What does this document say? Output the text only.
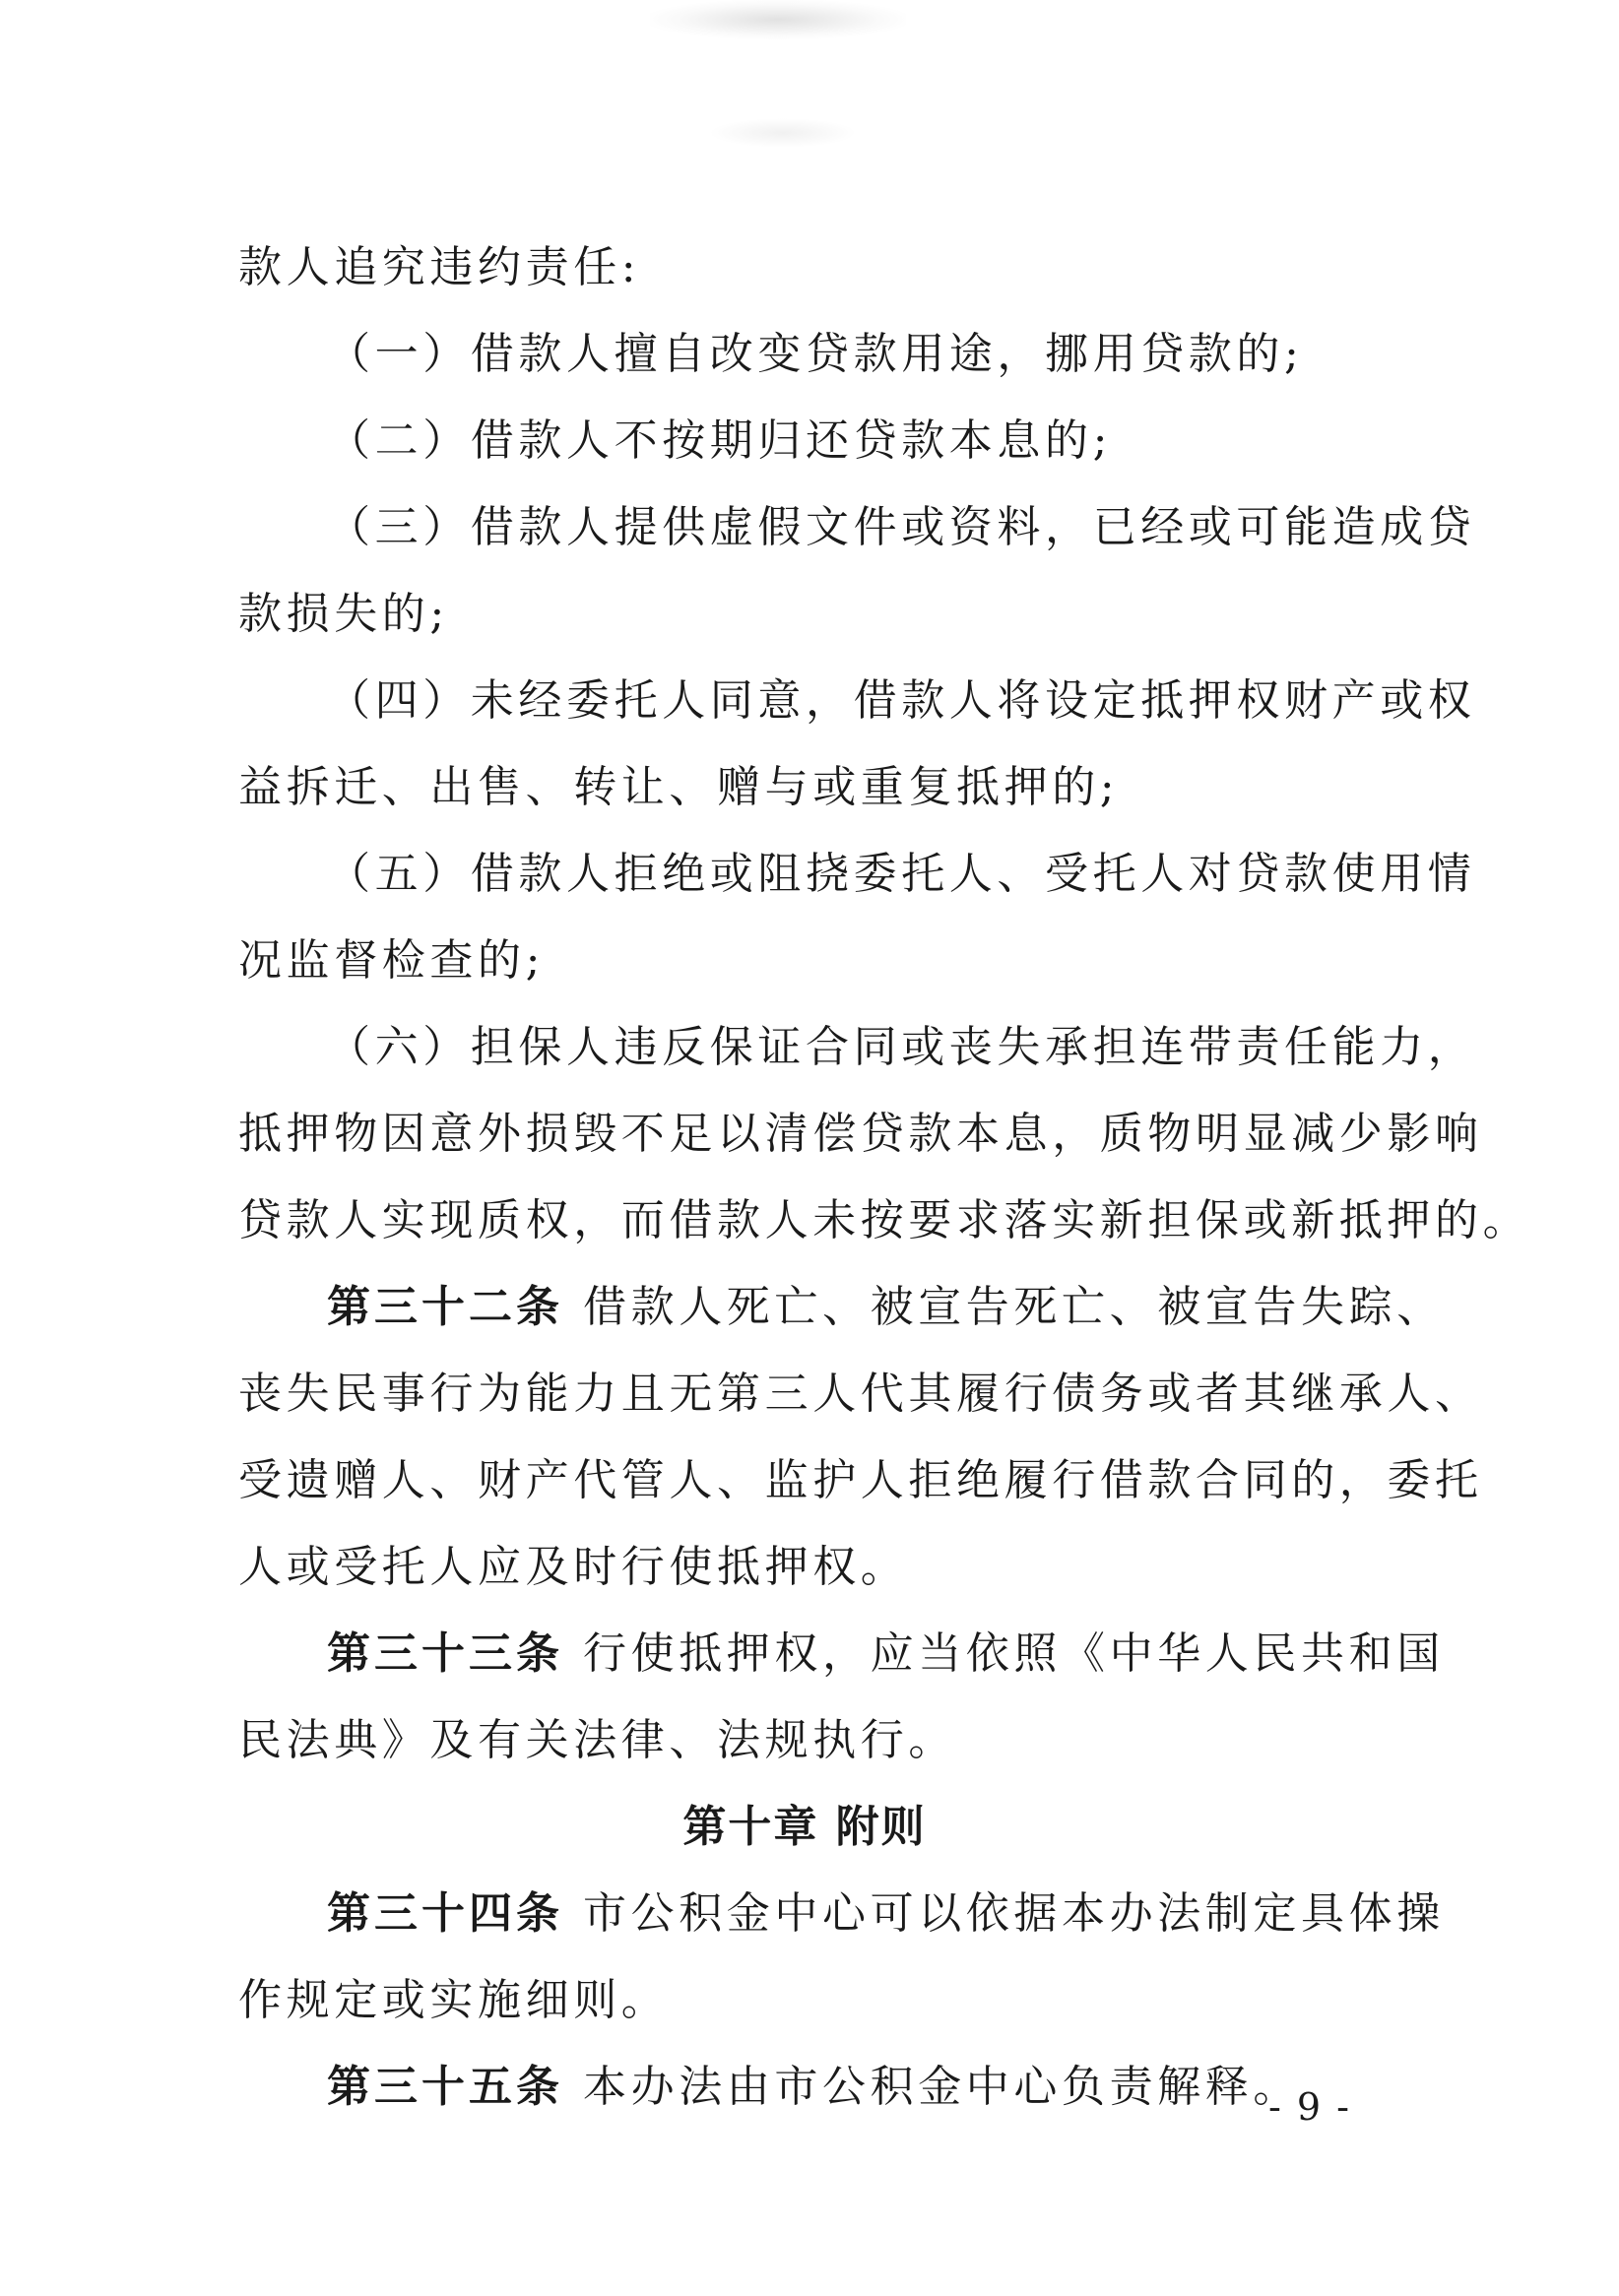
款人追究违约责任:
（一）借款人擅自改变贷款用途，挪用贷款的;
（二）借款人不按期归还贷款本息的;
（三）借款人提供虚假文件或资料，已经或可能造成贷
款损失的;
（四）未经委托人同意，借款人将设定抵押权财产或权
益拆迁、出售、转让、赠与或重复抵押的;
（五）借款人拒绝或阻挠委托人、受托人对贷款使用情
况监督检查的;
（六）担保人违反保证合同或丧失承担连带责任能力，
抵押物因意外损毁不足以清偿贷款本息，质物明显减少影响
贷款人实现质权，而借款人未按要求落实新担保或新抵押的。
第三十二条 借款人死亡、被宣告死亡、被宣告失踪、
丧失民事行为能力且无第三人代其履行债务或者其继承人、
受遗赠人、财产代管人、监护人拒绝履行借款合同的，委托
人或受托人应及时行使抵押权。
第三十三条 行使抵押权，应当依照《中华人民共和国
民法典》及有关法律、法规执行。
第十章 附则
第三十四条 市公积金中心可以依据本办法制定具体操
作规定或实施细则。
第三十五条 本办法由市公积金中心负责解释。
- 9 -
